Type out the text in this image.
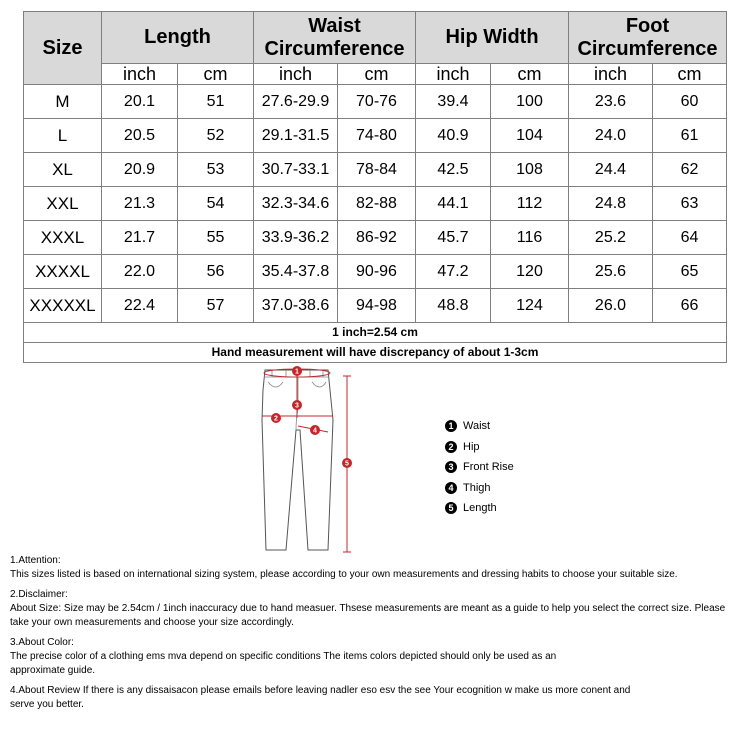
Size	Length		Waist Circumference		Hip Width		Foot Circumference	
	inch	cm	inch	cm	inch	cm	inch	cm
M	20.1	51	27.6-29.9	70-76	39.4	100	23.6	60
L	20.5	52	29.1-31.5	74-80	40.9	104	24.0	61
XL	20.9	53	30.7-33.1	78-84	42.5	108	24.4	62
XXL	21.3	54	32.3-34.6	82-88	44.1	112	24.8	63
XXXL	21.7	55	33.9-36.2	86-92	45.7	116	25.2	64
XXXXL	22.0	56	35.4-37.8	90-96	47.2	120	25.6	65
XXXXXL	22.4	57	37.0-38.6	94-98	48.8	124	26.0	66
1 inch=2.54 cm								
Hand measurement will have discrepancy of about 1-3cm								
1
2
3
4
5
1 Waist
2 Hip
3 Front Rise
4 Thigh
5 Length

1.Attention:
This sizes listed is based on international sizing system, please according to your own measurements and dressing habits to choose your suitable size.

2.Disclaimer:
About Size: Size may be 2.54cm / 1inch inaccuracy due to hand measuer. Thsese measurements are meant as a guide to help you select the correct size. Please take your own measurements and choose your size accordingly.

3.About Color:
The precise color of a clothing ems mva depend on specific conditions The items colors depicted should only be used as an approximate guide.

4.About Review If there is any dissaisacon please emails before leaving nadler eso esv the see Your ecognition w make us more conent and serve you better.
